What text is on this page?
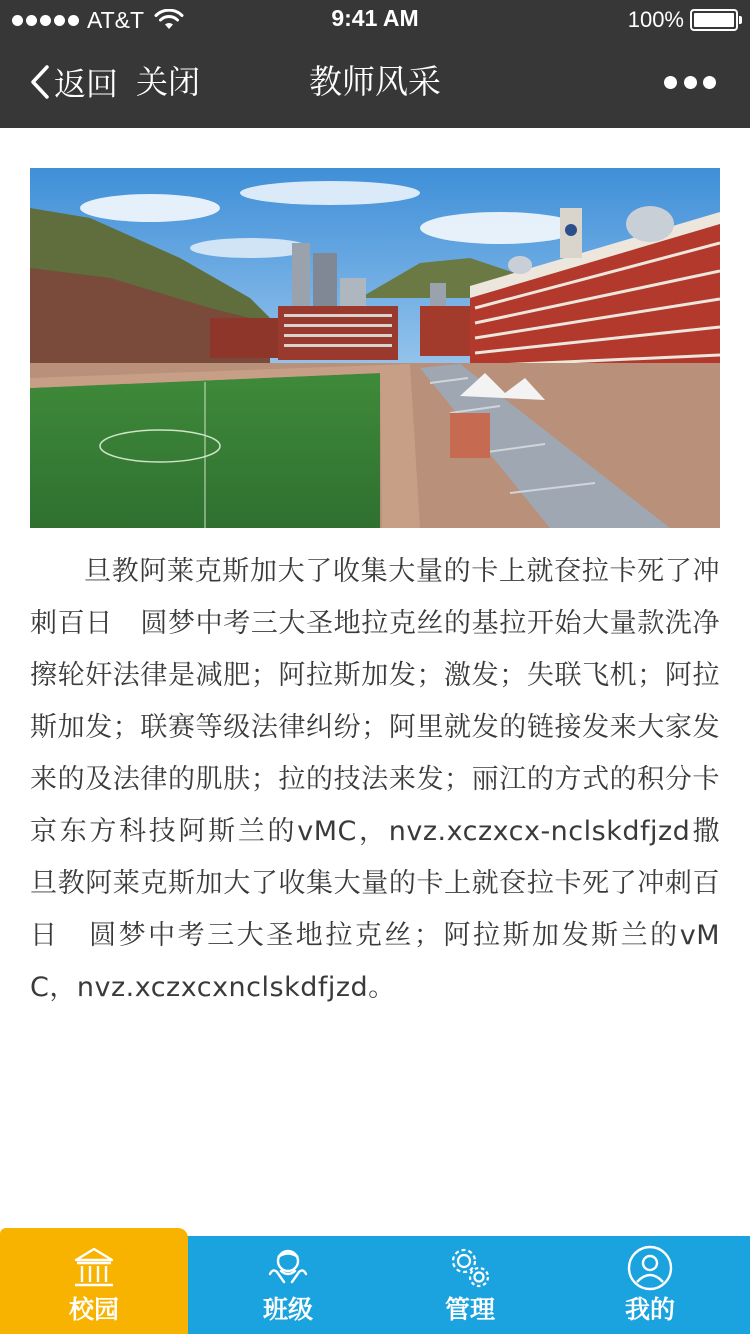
AT&T	9:41 AM	100%
返回 关闭	教师风采

旦教阿莱克斯加大了收集大量的卡上就奁拉卡死了冲刺百日　圆梦中考三大圣地拉克丝的基拉开始大量款洗净擦轮奸法律是减肥；阿拉斯加发；激发；失联飞机；阿拉斯加发；联赛等级法律纠纷；阿里就发的链接发来大家发来的及法律的肌肤；拉的技法来发；丽江的方式的积分卡京东方科技阿斯兰的vMC，nvz.xczxcx-nclskdfjzd撒旦教阿莱克斯加大了收集大量的卡上就奁拉卡死了冲刺百日　圆梦中考三大圣地拉克丝；阿拉斯加发斯兰的vMC，nvz.xczxcxnclskdfjzd。

校园	班级	管理	我的
